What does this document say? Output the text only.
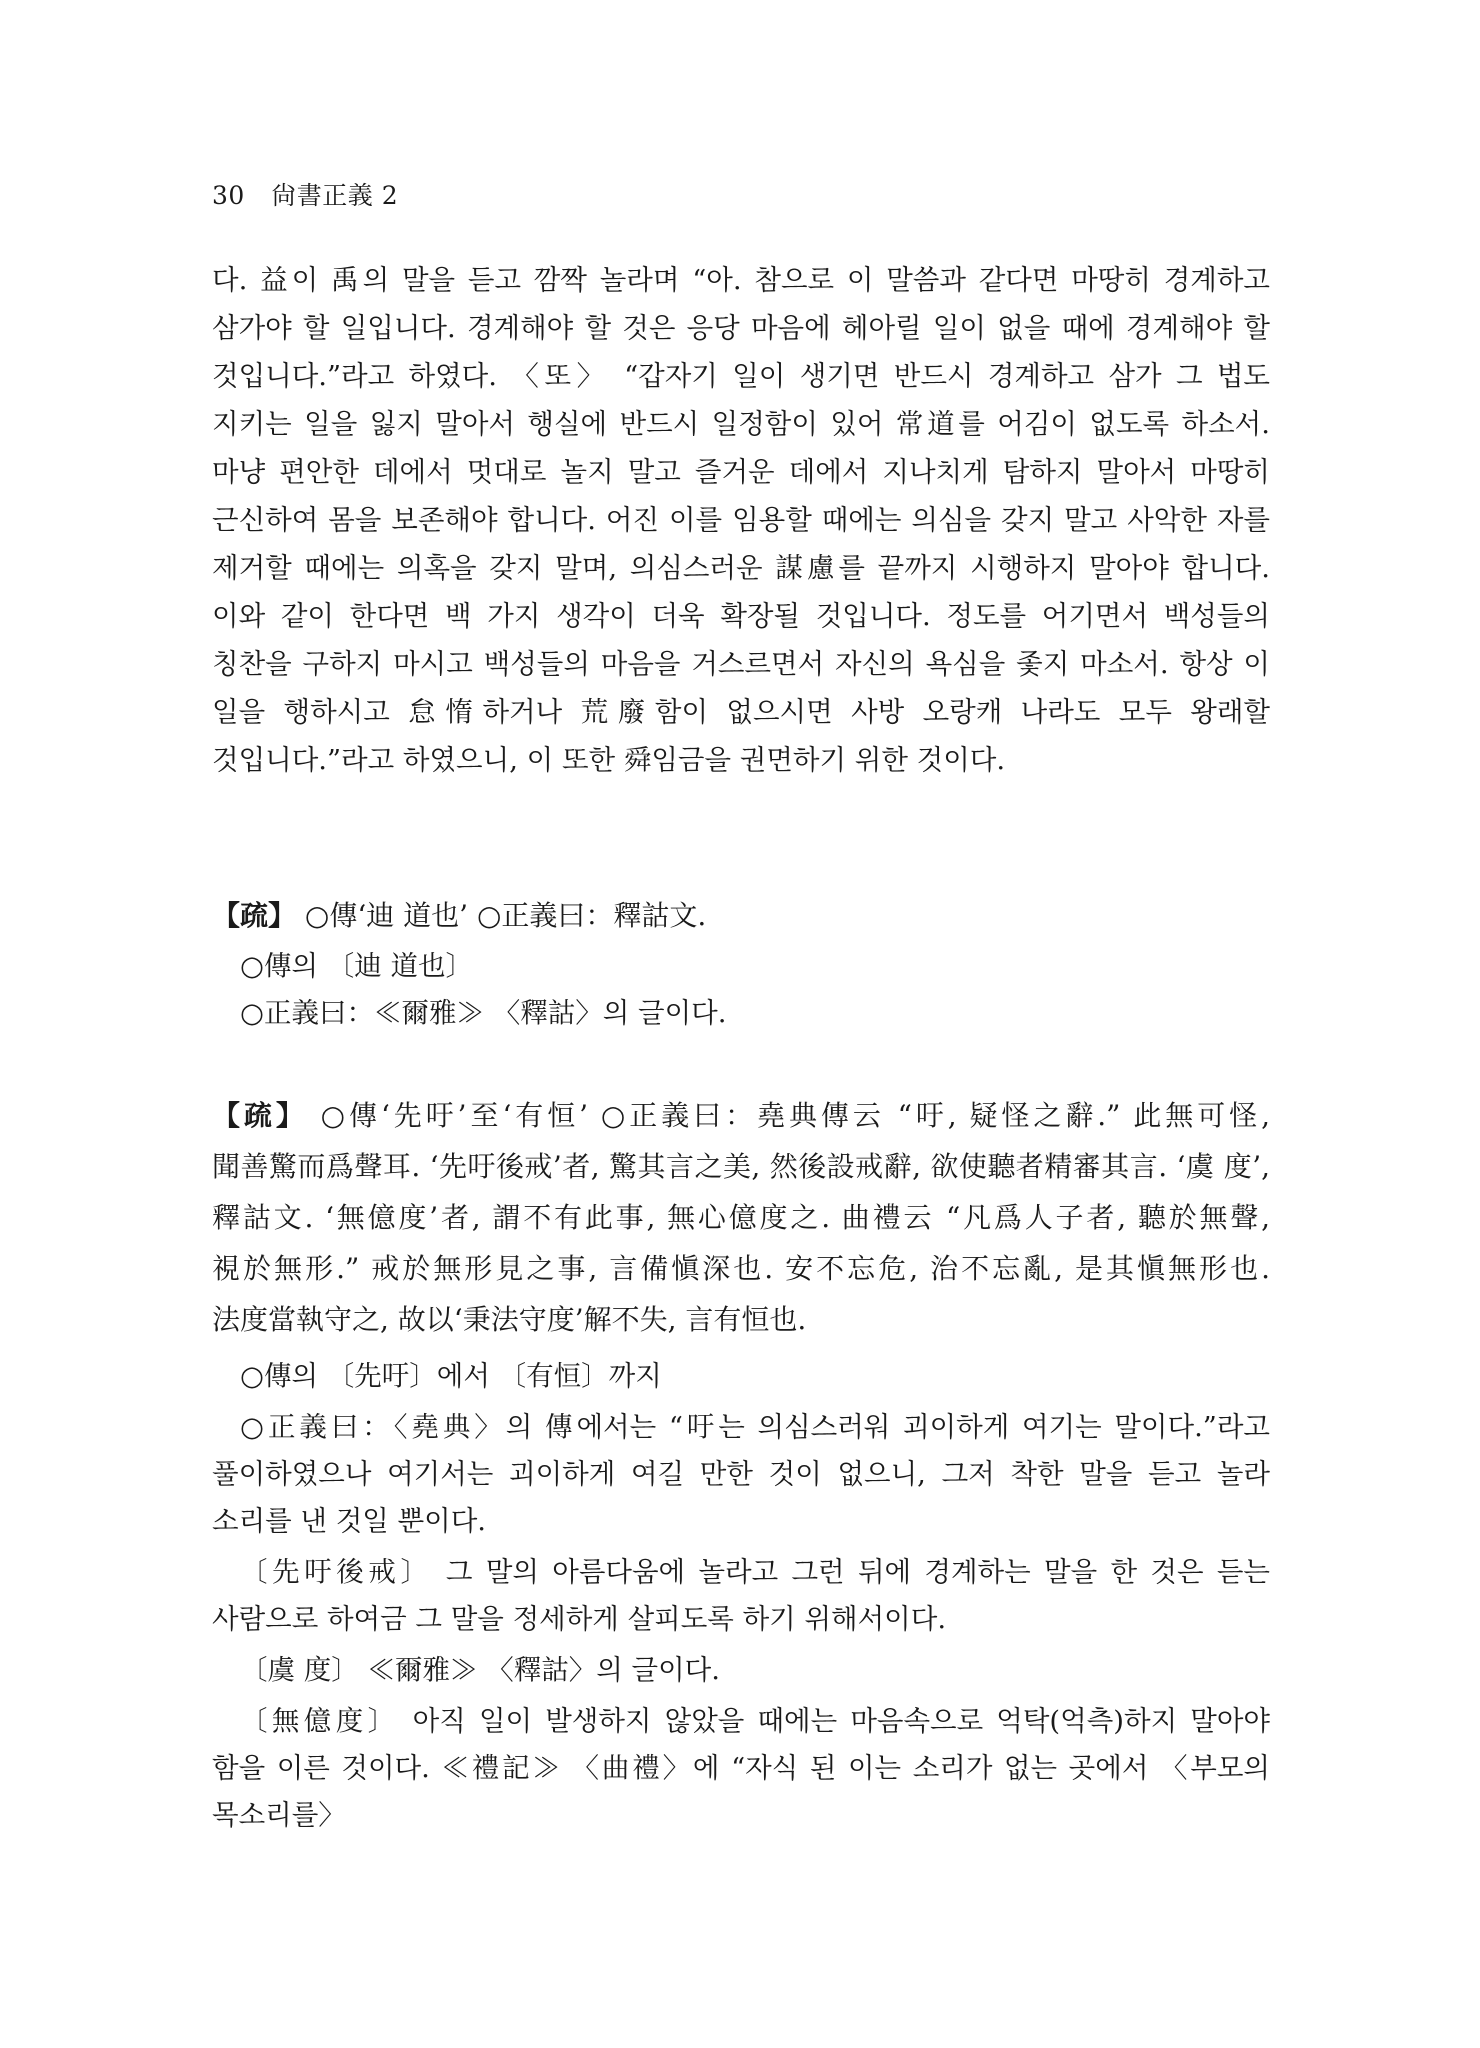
30 尙書正義 2

다. 益이 禹의 말을 듣고 깜짝 놀라며 “아. 참으로 이 말씀과 같다면 마땅히 경계하고 삼가야 할 일입니다. 경계해야 할 것은 응당 마음에 헤아릴 일이 없을 때에 경계해야 할 것입니다.”라고 하였다. 〈또〉 “갑자기 일이 생기면 반드시 경계하고 삼가 그 법도 지키는 일을 잃지 말아서 행실에 반드시 일정함이 있어 常道를 어김이 없도록 하소서. 마냥 편안한 데에서 멋대로 놀지 말고 즐거운 데에서 지나치게 탐하지 말아서 마땅히 근신하여 몸을 보존해야 합니다. 어진 이를 임용할 때에는 의심을 갖지 말고 사악한 자를 제거할 때에는 의혹을 갖지 말며, 의심스러운 謀慮를 끝까지 시행하지 말아야 합니다. 이와 같이 한다면 백 가지 생각이 더욱 확장될 것입니다. 정도를 어기면서 백성들의 칭찬을 구하지 마시고 백성들의 마음을 거스르면서 자신의 욕심을 좇지 마소서. 항상 이 일을 행하시고 怠惰하거나 荒廢함이 없으시면 사방 오랑캐 나라도 모두 왕래할 것입니다.”라고 하였으니, 이 또한 舜임금을 권면하기 위한 것이다.

【疏】 ○傳‘迪 道也’ ○正義曰：釋詁文.

○傳의 〔迪 道也〕

○正義曰：≪爾雅≫ 〈釋詁〉의 글이다.

【疏】 ○傳‘先吁’至‘有恒’ ○正義曰：堯典傳云 “吁, 疑怪之辭.” 此無可怪, 聞善驚而爲聲耳. ‘先吁後戒’者, 驚其言之美, 然後設戒辭, 欲使聽者精審其言. ‘虞 度’, 釋詁文. ‘無億度’者, 謂不有此事, 無心億度之. 曲禮云 “凡爲人子者, 聽於無聲, 視於無形.” 戒於無形見之事, 言備愼深也. 安不忘危, 治不忘亂, 是其愼無形也. 法度當執守之, 故以‘秉法守度’解不失, 言有恒也.

○傳의 〔先吁〕에서 〔有恒〕까지

○正義曰：〈堯典〉의 傳에서는 “吁는 의심스러워 괴이하게 여기는 말이다.”라고 풀이하였으나 여기서는 괴이하게 여길 만한 것이 없으니, 그저 착한 말을 듣고 놀라 소리를 낸 것일 뿐이다.

〔先吁後戒〕 그 말의 아름다움에 놀라고 그런 뒤에 경계하는 말을 한 것은 듣는 사람으로 하여금 그 말을 정세하게 살피도록 하기 위해서이다.

〔虞 度〕 ≪爾雅≫ 〈釋詁〉의 글이다.

〔無億度〕 아직 일이 발생하지 않았을 때에는 마음속으로 억탁(억측)하지 말아야 함을 이른 것이다. ≪禮記≫ 〈曲禮〉에 “자식 된 이는 소리가 없는 곳에서 〈부모의 목소리를〉
